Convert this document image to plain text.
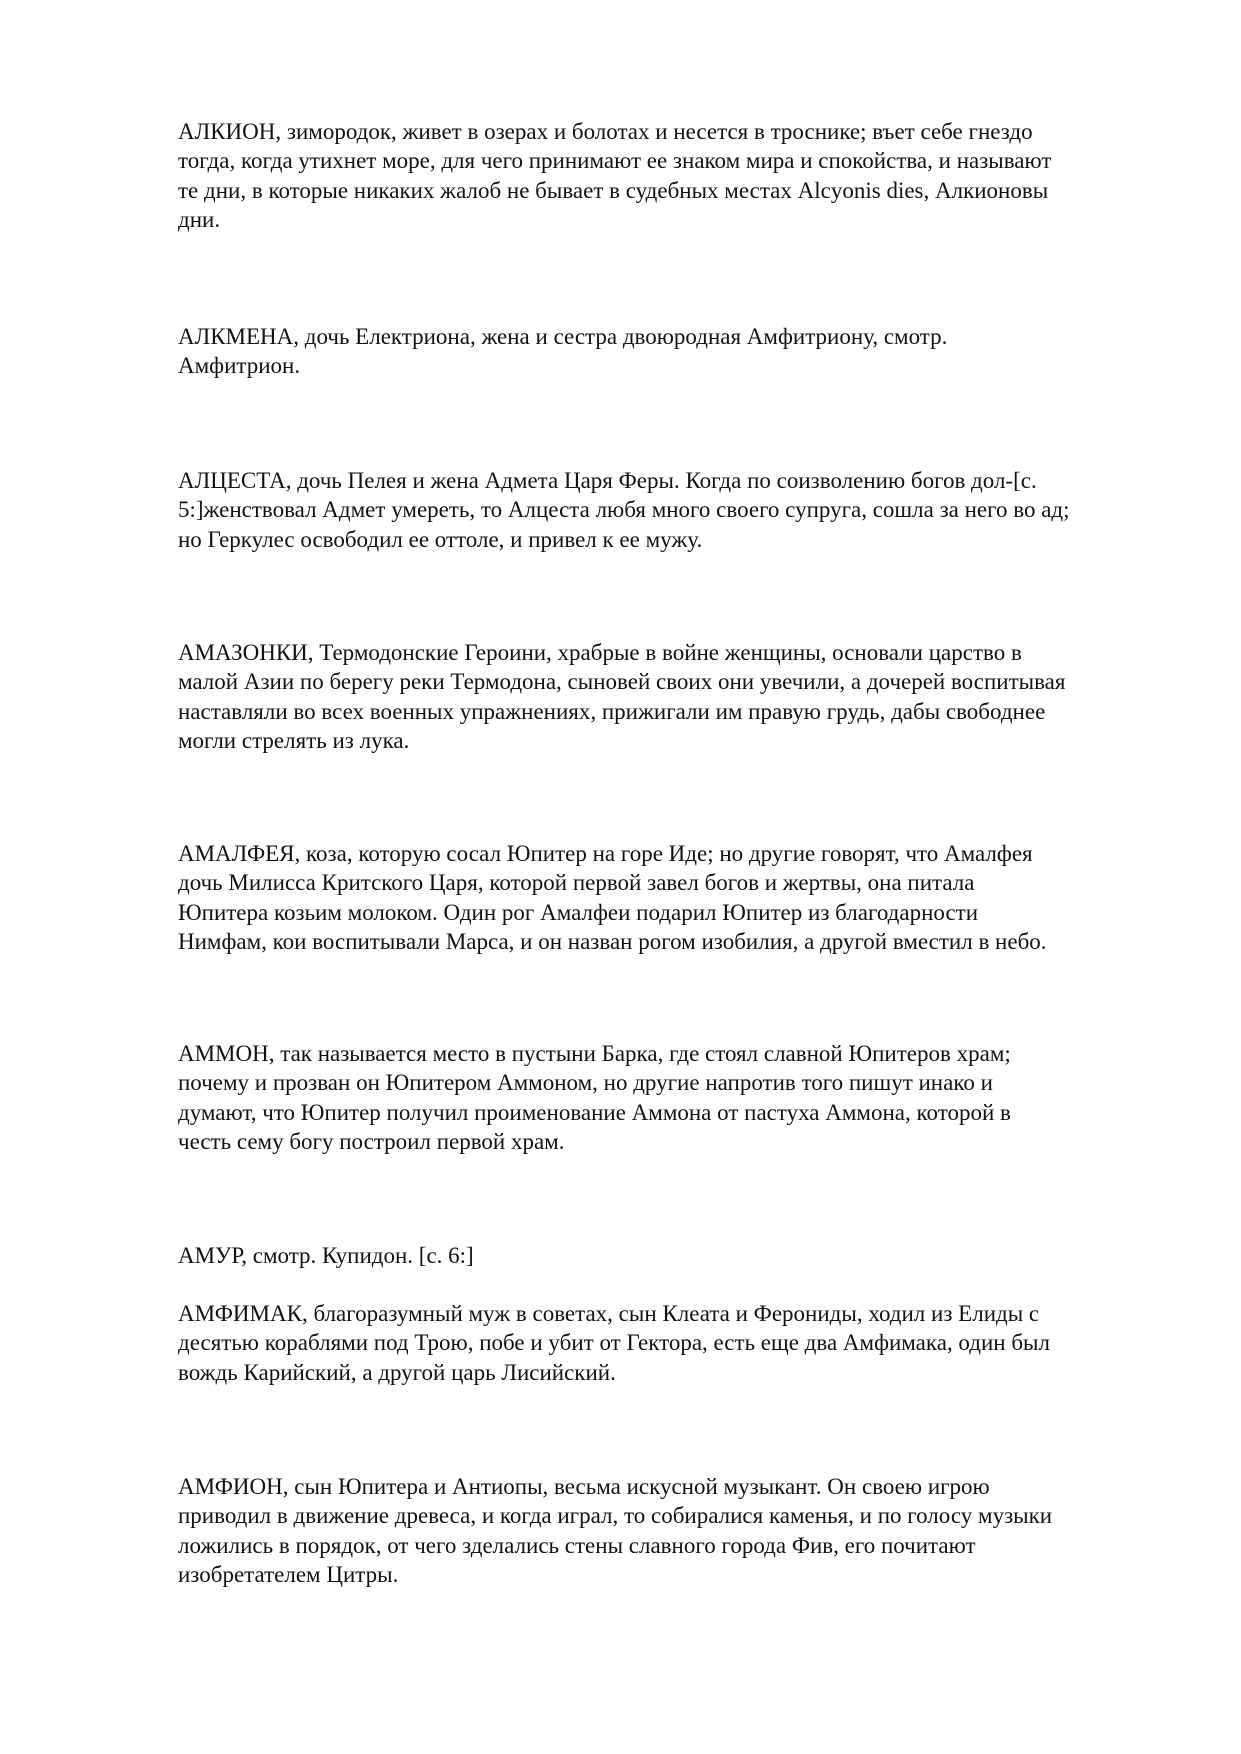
АЛКИОН, зимородок, живет в озерах и болотах и несется в троснике; въет себе гнездо
тогда, когда утихнет море, для чего принимают ее знаком мира и спокойства, и называют
те дни, в которые никаких жалоб не бывает в судебных местах Alcyonis dies, Алкионовы
дни.

АЛКМЕНА, дочь Електриона, жена и сестра двоюродная Амфитриону, смотр.
Амфитрион.

АЛЦЕСТА, дочь Пелея и жена Адмета Царя Феры. Когда по соизволению богов дол-[с.
5:]женствовал Адмет умереть, то Алцеста любя много своего супруга, сошла за него во ад;
но Геркулес освободил ее оттоле, и привел к ее мужу.

АМАЗОНКИ, Термодонские Героини, храбрые в войне женщины, основали царство в
малой Азии по берегу реки Термодона, сыновей своих они увечили, а дочерей воспитывая
наставляли во всех военных упражнениях, прижигали им правую грудь, дабы свободнее
могли стрелять из лука.

АМАЛФЕЯ, коза, которую сосал Юпитер на горе Иде; но другие говорят, что Амалфея
дочь Милисса Критского Царя, которой первой завел богов и жертвы, она питала
Юпитера козьим молоком. Один рог Амалфеи подарил Юпитер из благодарности
Нимфам, кои воспитывали Марса, и он назван рогом изобилия, а другой вместил в небо.

АММОН, так называется место в пустыни Барка, где стоял славной Юпитеров храм;
почему и прозван он Юпитером Аммоном, но другие напротив того пишут инако и
думают, что Юпитер получил проименование Аммона от пастуха Аммона, которой в
честь сему богу построил первой храм.

АМУР, смотр. Купидон. [с. 6:]

АМФИМАК, благоразумный муж в советах, сын Клеата и Ферониды, ходил из Елиды с
десятью кораблями под Трою, побе и убит от Гектора, есть еще два Амфимака, один был
вождь Карийский, а другой царь Лисийский.

АМФИОН, сын Юпитера и Антиопы, весьма искусной музыкант. Он своею игрою
приводил в движение древеса, и когда играл, то собиралися каменья, и по голосу музыки
ложились в порядок, от чего зделались стены славного города Фив, его почитают
изобретателем Цитры.
